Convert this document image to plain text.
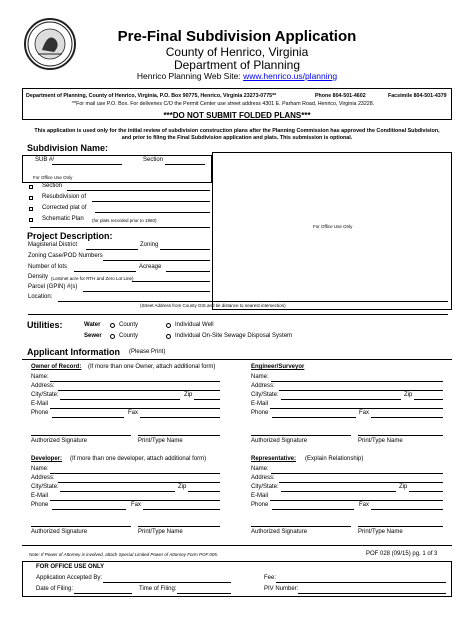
Pre-Final Subdivision Application
County of Henrico, Virginia
Department of Planning
Henrico Planning Web Site: www.henrico.us/planning
Department of Planning, County of Henrico, Virginia, P.O. Box 90775, Henrico, Virginia 23273-0775**	Phone 804-501-4602	Facsimile 804-501-4379
**For mail use P.O. Box. For deliveries C/O the Permit Center use street address 4301 E. Parham Road, Henrico, Virginia 23228.
***DO NOT SUBMIT FOLDED PLANS***
This application is used only for the initial review of subdivision construction plans after the Planning Commission has approved the Conditional Subdivision, and prior to filing the Final Subdivision application and plats. This submission is optional.
Subdivision Name:
SUB #/	Section
For Office Use Only
For Office Use Only
Section
Resubdivision of
Corrected plat of
Schematic Plan (for plats recorded prior to 1960)
Project Description:
Magisterial District	Zoning
Zoning Case/POD Numbers
Number of lots	Acreage
Density (Lots/net acre for RTH and Zero Lot Line)
Parcel (GPIN) #(s)
Location:
(Street Address from County GIS and tie distance to nearest intersection)
Utilities:	Water	County	Individual Well
Sewer	County	Individual On-Site Sewage Disposal System
Applicant Information (Please Print)
Owner of Record: (If more than one Owner, attach additional form)
Name:
Address:
City/State:	Zip
E-Mail
Phone	Fax
Authorized Signature	Print/Type Name
Engineer/Surveyor
Name:
Address:
City/State:	Zip
E-Mail
Phone	Fax
Authorized Signature	Print/Type Name
Developer: (If more than one developer, attach additional form)
Name:
Address:
City/State:	Zip
E-Mail
Phone	Fax
Authorized Signature	Print/Type Name
Representative: (Explain Relationship)
Name:
Address:
City/State:	Zip
E-Mail
Phone	Fax
Authorized Signature	Print/Type Name
Note: If Power of Attorney is involved, attach Special Limited Power of Attorney Form POF 005.	POF 028 (09/15) pg. 1 of 3
FOR OFFICE USE ONLY
Application Accepted By:	Fee:
Date of Filing:	Time of Filing:	PIV Number:
